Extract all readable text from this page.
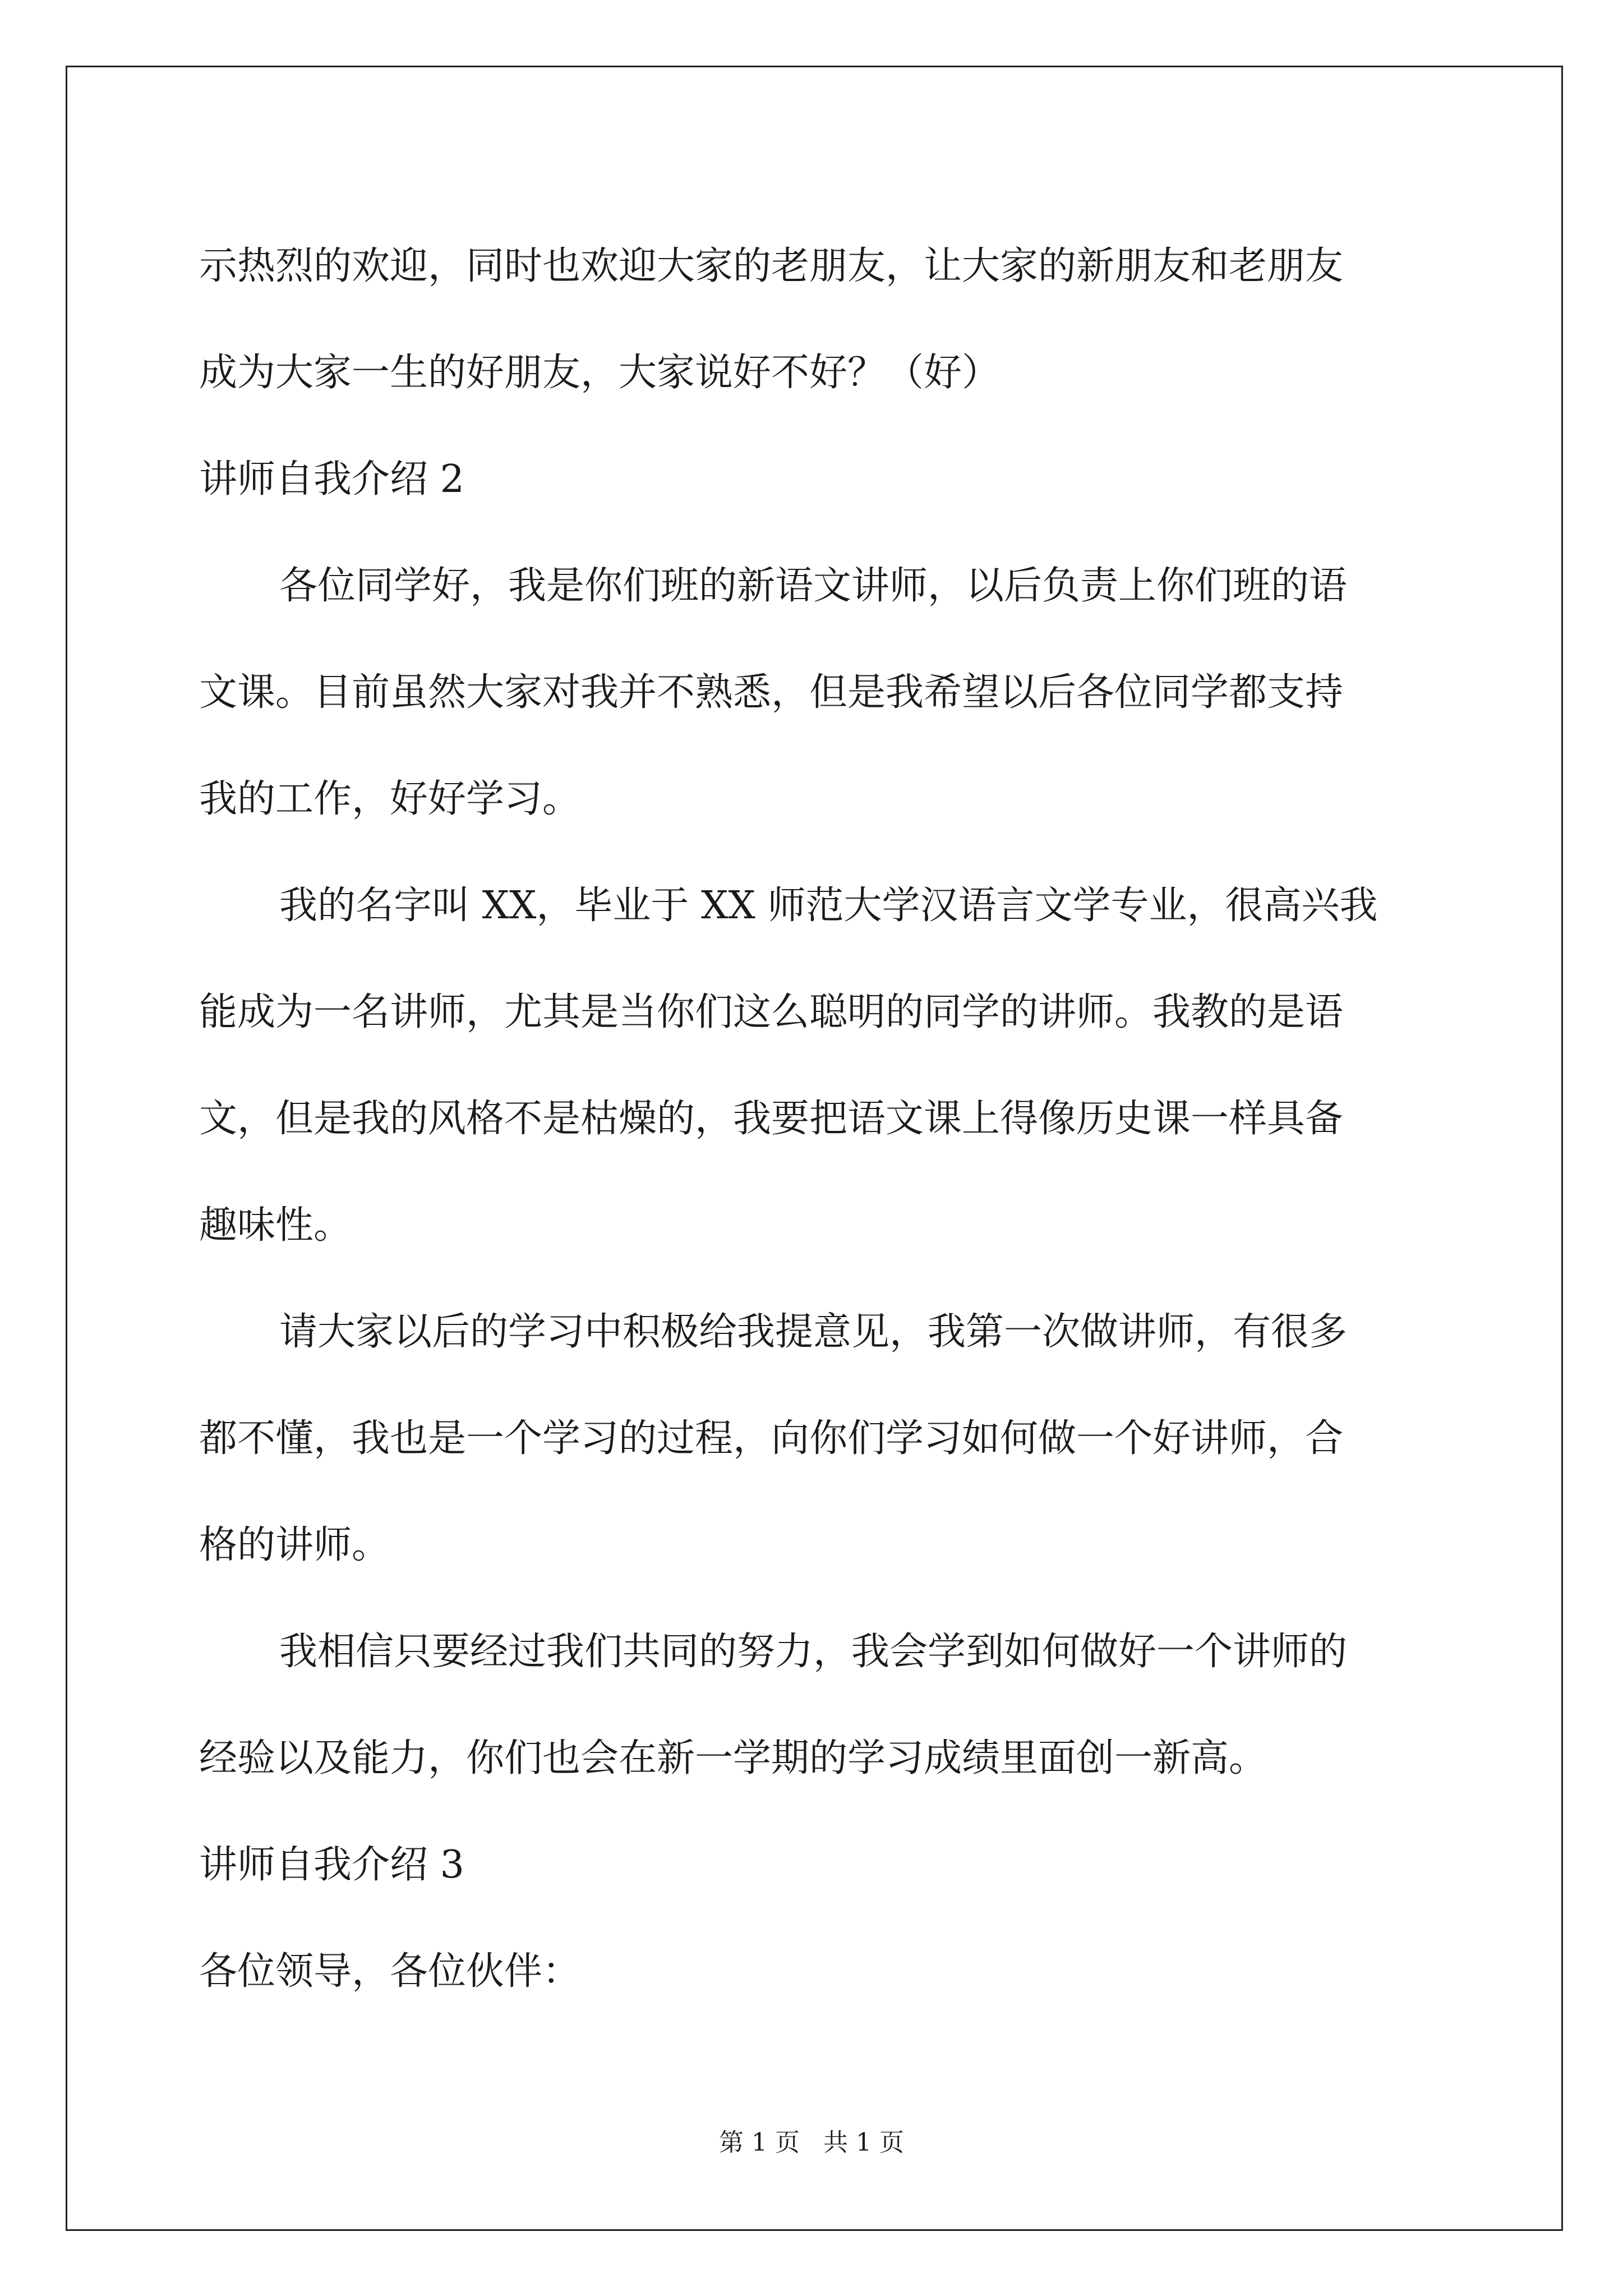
示热烈的欢迎，同时也欢迎大家的老朋友，让大家的新朋友和老朋友

成为大家一生的好朋友，大家说好不好？（好）

讲师自我介绍 2

各位同学好，我是你们班的新语文讲师，以后负责上你们班的语

文课。目前虽然大家对我并不熟悉，但是我希望以后各位同学都支持

我的工作，好好学习。

我的名字叫 XX，毕业于 XX 师范大学汉语言文学专业，很高兴我

能成为一名讲师，尤其是当你们这么聪明的同学的讲师。我教的是语

文，但是我的风格不是枯燥的，我要把语文课上得像历史课一样具备

趣味性。

请大家以后的学习中积极给我提意见，我第一次做讲师，有很多

都不懂，我也是一个学习的过程，向你们学习如何做一个好讲师，合

格的讲师。

我相信只要经过我们共同的努力，我会学到如何做好一个讲师的

经验以及能力，你们也会在新一学期的学习成绩里面创一新高。

讲师自我介绍 3

各位领导，各位伙伴：

第 1 页   共 1 页
